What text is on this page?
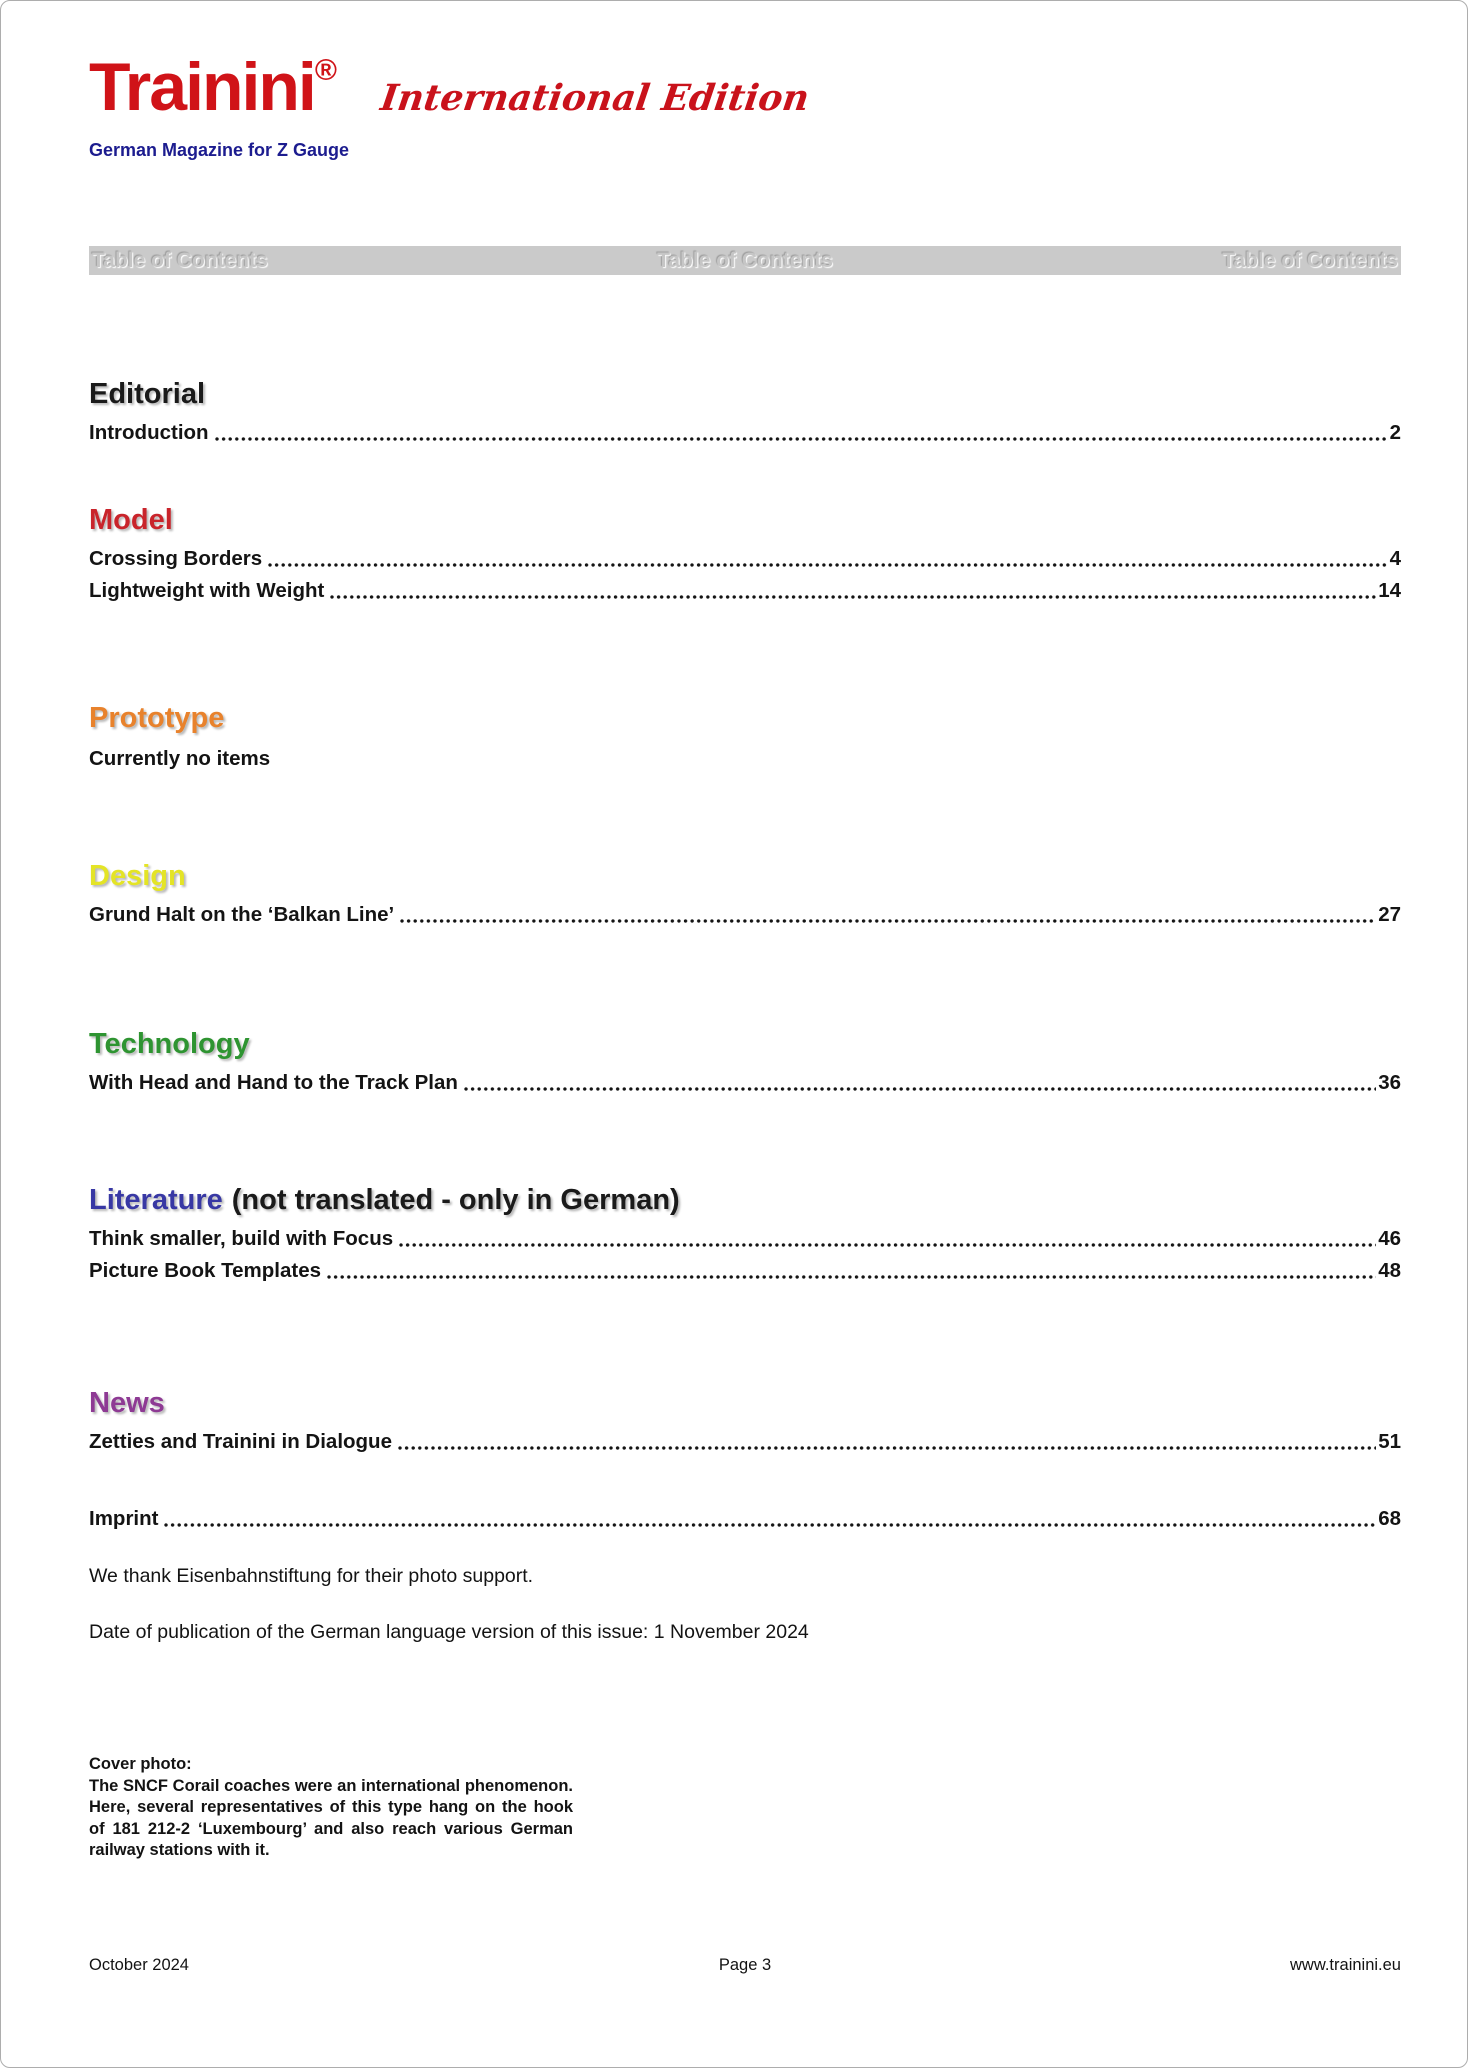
Trainini®
International Edition
German Magazine for Z Gauge
Table of Contents	Table of Contents	Table of Contents
Editorial
Introduction	2
Model
Crossing Borders	4
Lightweight with Weight	14
Prototype
Currently no items
Design
Grund Halt on the ‘Balkan Line’	27
Technology
With Head and Hand to the Track Plan	36
Literature (not translated - only in German)
Think smaller, build with Focus	46
Picture Book Templates	48
News
Zetties and Trainini in Dialogue	51
Imprint	68
We thank Eisenbahnstiftung for their photo support.
Date of publication of the German language version of this issue: 1 November 2024
Cover photo:
The SNCF Corail coaches were an international phenomenon. Here, several representatives of this type hang on the hook of 181 212-2 ‘Luxembourg’ and also reach various German railway stations with it.
October 2024	Page 3	www.trainini.eu
